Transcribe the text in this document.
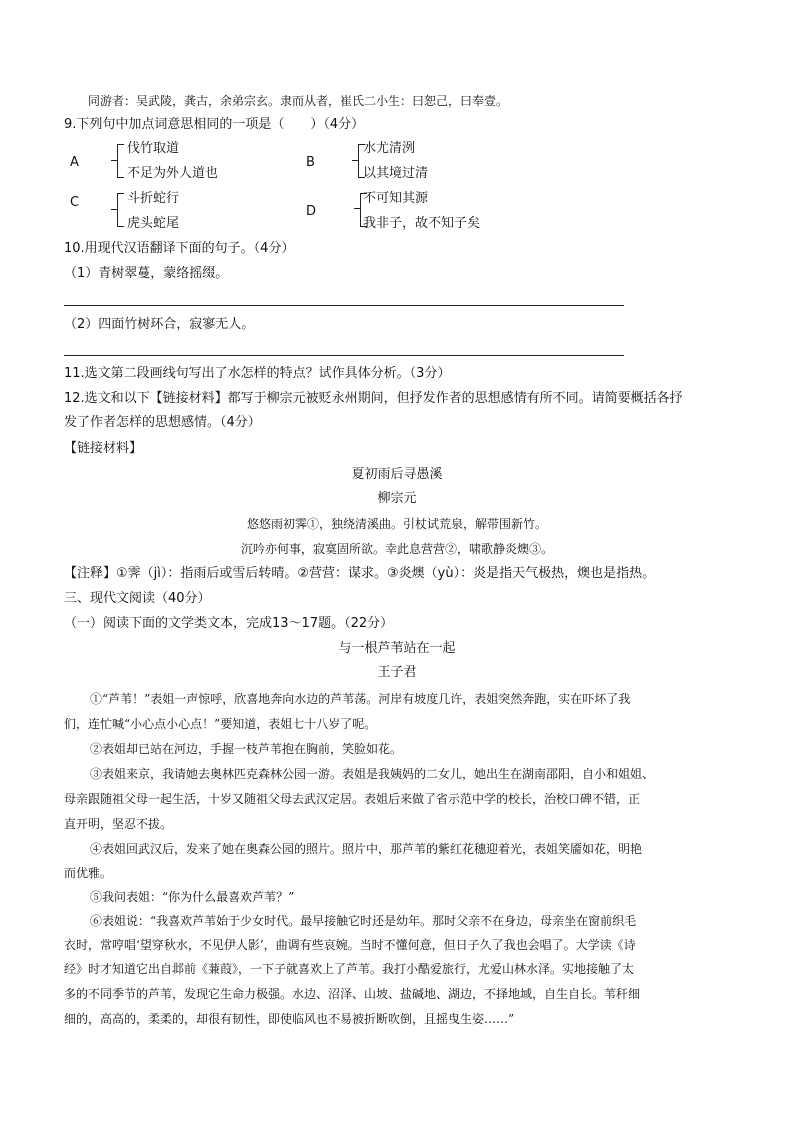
同游者：吴武陵，龚古，余弟宗玄。隶而从者，崔氏二小生：曰恕己，曰奉壹。
9.下列句中加点词意思相同的一项是（　　）（4分）
A
伐竹取道
不足为外人道也
B
水尤清洌
以其境过清
C	斗折蛇行
虎头蛇尾
D
不可知其源
我非子，故不知子矣
10.用现代汉语翻译下面的句子。（4分）
（1）青树翠蔓，蒙络摇缀。
（2）四面竹树环合，寂寥无人。
11.选文第二段画线句写出了水怎样的特点？试作具体分析。（3分）
12.选文和以下【链接材料】都写于柳宗元被贬永州期间，但抒发作者的思想感情有所不同。请简要概括各抒
发了作者怎样的思想感情。（4分）
【链接材料】
夏初雨后寻愚溪
柳宗元
悠悠雨初霁①，独绕清溪曲。引杖试荒泉，解带围新竹。
沉吟亦何事，寂寞固所欲。幸此息营营②，啸歌静炎燠③。
【注释】①霁（jì）：指雨后或雪后转晴。②营营：谋求。③炎燠（yù）：炎是指天气极热，燠也是指热。
三、现代文阅读（40分）
（一）阅读下面的文学类文本，完成13～17题。（22分）
与一根芦苇站在一起
王子君
①“芦苇！”表姐一声惊呼，欣喜地奔向水边的芦苇荡。河岸有坡度几许，表姐突然奔跑，实在吓坏了我
们，连忙喊“小心点小心点！”要知道，表姐七十八岁了呢。
②表姐却已站在河边，手握一枝芦苇抱在胸前，笑脸如花。
③表姐来京，我请她去奥林匹克森林公园一游。表姐是我姨妈的二女儿，她出生在湖南邵阳，自小和姐姐、
母亲跟随祖父母一起生活，十岁又随祖父母去武汉定居。表姐后来做了省示范中学的校长，治校口碑不错，正
直开明，坚忍不拔。
④表姐回武汉后，发来了她在奥森公园的照片。照片中，那芦苇的紫红花穗迎着光，表姐笑靥如花，明艳
而优雅。
⑤我问表姐：“你为什么最喜欢芦苇？”
⑥表姐说：“我喜欢芦苇始于少女时代。最早接触它时还是幼年。那时父亲不在身边，母亲坐在窗前织毛
衣时，常哼唱‘望穿秋水，不见伊人影’，曲调有些哀婉。当时不懂何意，但日子久了我也会唱了。大学读《诗
经》时才知道它出自邶前《蒹葭》，一下子就喜欢上了芦苇。我打小酷爱旅行，尤爱山林水泽。实地接触了太
多的不同季节的芦苇，发现它生命力极强。水边、沼泽、山坡、盐碱地、湖边，不择地域，自生自长。苇秆细
细的，高高的，柔柔的，却很有韧性，即使临风也不易被折断吹倒，且摇曳生姿……”
